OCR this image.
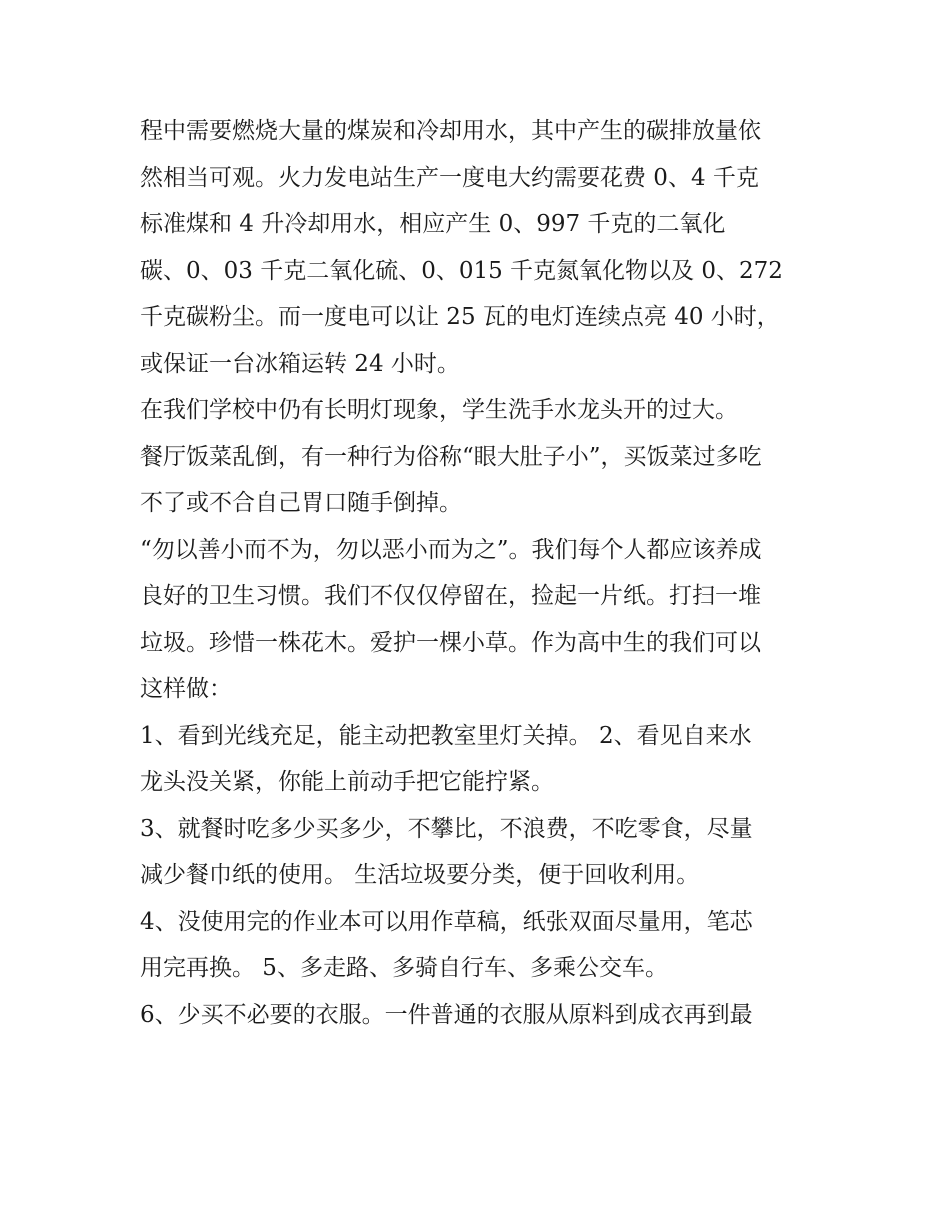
程中需要燃烧大量的煤炭和冷却用水，其中产生的碳排放量依
然相当可观。火力发电站生产一度电大约需要花费 0、4 千克
标准煤和 4 升冷却用水，相应产生 0、997 千克的二氧化
碳、0、03 千克二氧化硫、0、015 千克氮氧化物以及 0、272
千克碳粉尘。而一度电可以让 25 瓦的电灯连续点亮 40 小时，
或保证一台冰箱运转 24 小时。
在我们学校中仍有长明灯现象，学生洗手水龙头开的过大。
餐厅饭菜乱倒，有一种行为俗称“眼大肚子小”，买饭菜过多吃
不了或不合自己胃口随手倒掉。
“勿以善小而不为，勿以恶小而为之”。我们每个人都应该养成
良好的卫生习惯。我们不仅仅停留在，捡起一片纸。打扫一堆
垃圾。珍惜一株花木。爱护一棵小草。作为高中生的我们可以
这样做：
1、看到光线充足，能主动把教室里灯关掉。 2、看见自来水
龙头没关紧，你能上前动手把它能拧紧。
3、就餐时吃多少买多少，不攀比，不浪费，不吃零食，尽量
减少餐巾纸的使用。 生活垃圾要分类，便于回收利用。
4、没使用完的作业本可以用作草稿，纸张双面尽量用，笔芯
用完再换。 5、多走路、多骑自行车、多乘公交车。
6、少买不必要的衣服。一件普通的衣服从原料到成衣再到最
